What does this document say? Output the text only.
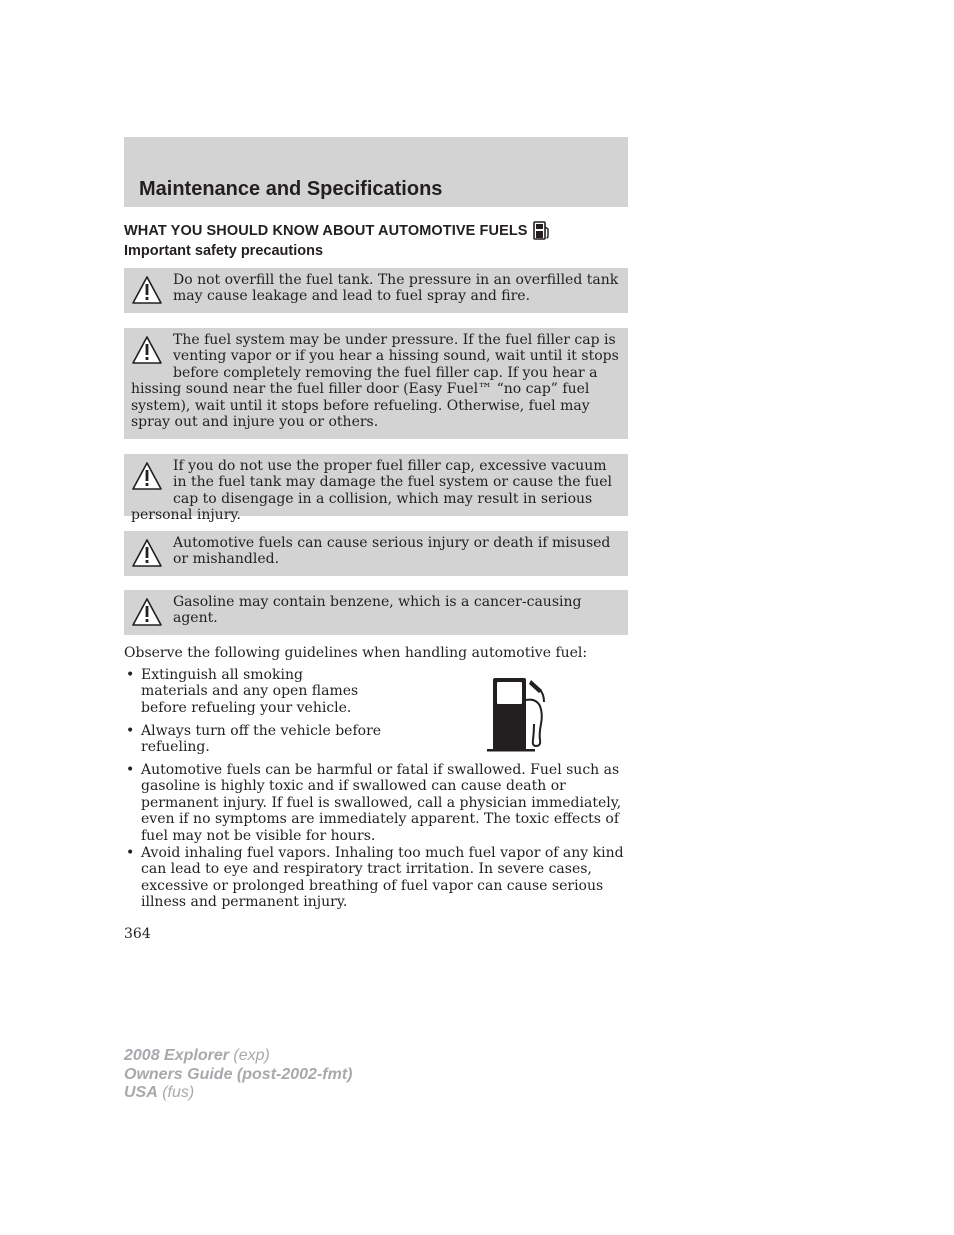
Maintenance and Specifications
WHAT YOU SHOULD KNOW ABOUT AUTOMOTIVE FUELS
Important safety precautions

Do not overfill the fuel tank. The pressure in an overfilled tank may cause leakage and lead to fuel spray and fire.

The fuel system may be under pressure. If the fuel filler cap is venting vapor or if you hear a hissing sound, wait until it stops before completely removing the fuel filler cap. If you hear a hissing sound near the fuel filler door (Easy Fuel™ “no cap” fuel system), wait until it stops before refueling. Otherwise, fuel may spray out and injure you or others.

If you do not use the proper fuel filler cap, excessive vacuum in the fuel tank may damage the fuel system or cause the fuel cap to disengage in a collision, which may result in serious personal injury.

Automotive fuels can cause serious injury or death if misused or mishandled.

Gasoline may contain benzene, which is a cancer-causing agent.

Observe the following guidelines when handling automotive fuel:

• Extinguish all smoking materials and any open flames before refueling your vehicle.
• Always turn off the vehicle before refueling.
• Automotive fuels can be harmful or fatal if swallowed. Fuel such as gasoline is highly toxic and if swallowed can cause death or permanent injury. If fuel is swallowed, call a physician immediately, even if no symptoms are immediately apparent. The toxic effects of fuel may not be visible for hours.
• Avoid inhaling fuel vapors. Inhaling too much fuel vapor of any kind can lead to eye and respiratory tract irritation. In severe cases, excessive or prolonged breathing of fuel vapor can cause serious illness and permanent injury.

364

2008 Explorer (exp)
Owners Guide (post-2002-fmt)
USA (fus)
